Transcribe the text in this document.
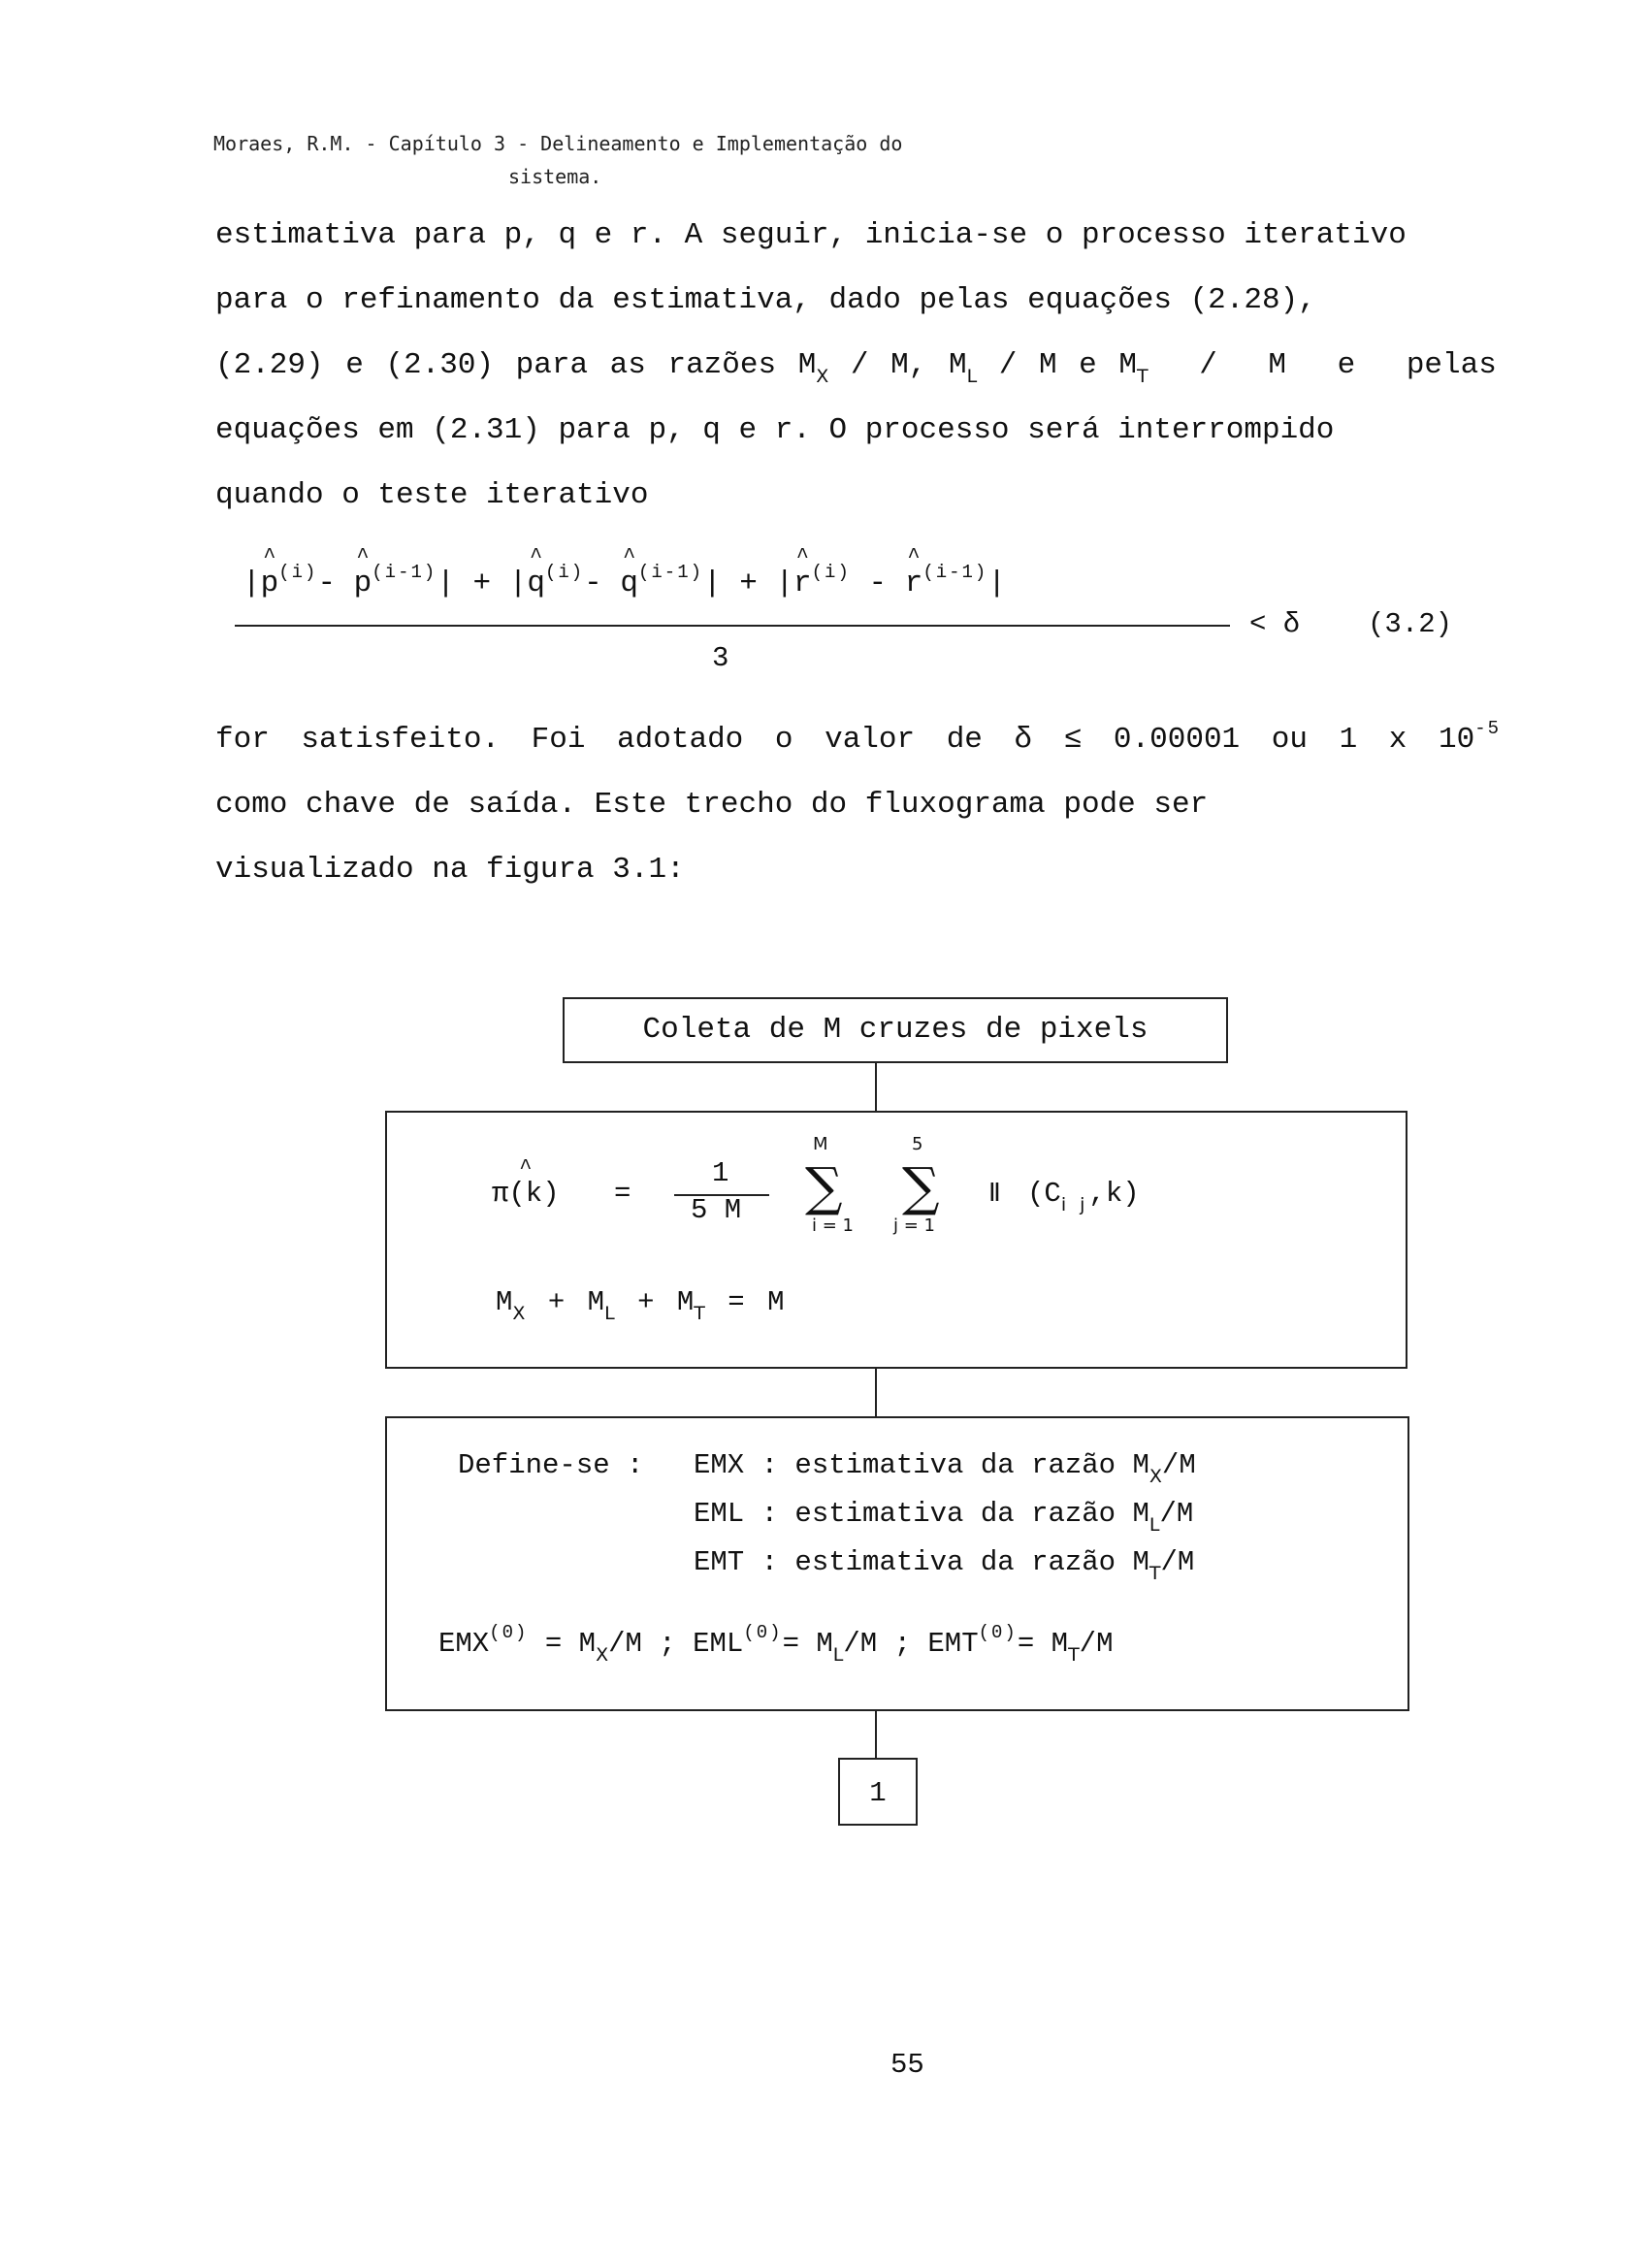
Moraes, R.M. - Capítulo 3 - Delineamento e Implementação do
sistema.
estimativa para p, q e r. A seguir, inicia-se o processo iterativo
para o refinamento da estimativa, dado pelas equações (2.28),
(2.29) e (2.30) para as razões $M_X$ / M, $M_L$ / M e $M_T$ / M e pelas
equações em (2.31) para p, q e r. O processo será interrompido
quando o teste iterativo
|^ $p^{(i)}-$ ^ $p^{(i-1)}|$ + |^ $q^{(i)}-$ ^ $q^{(i-1)}|$ + |^ $r^{(i)}$ - ^ $r^{(i-1)}|$
3
< δ (3.2)
for satisfeito. Foi adotado o valor de δ ≤ 0.00001 ou 1 x $10^{-5}$
como chave de saída. Este trecho do fluxograma pode ser
visualizado na figura 3.1:
Coleta de M cruzes de pixels
^ π(k) =
1
5 M
M
∑
i = 1
5
∑
j = 1
Ⅱ $(C_{i j},k)$
$M_X + M_L + M_T = M$
Define-se : EMX : estimativa da razão $M_X/M$
EML : estimativa da razão $M_L/M$
EMT : estimativa da razão $M_T/M$
$EMX^{(0)} = M_X/M$ ; $EML^{(0)}= M_L/M$ ; $EMT^{(0)}= M_T/M$
1
55
